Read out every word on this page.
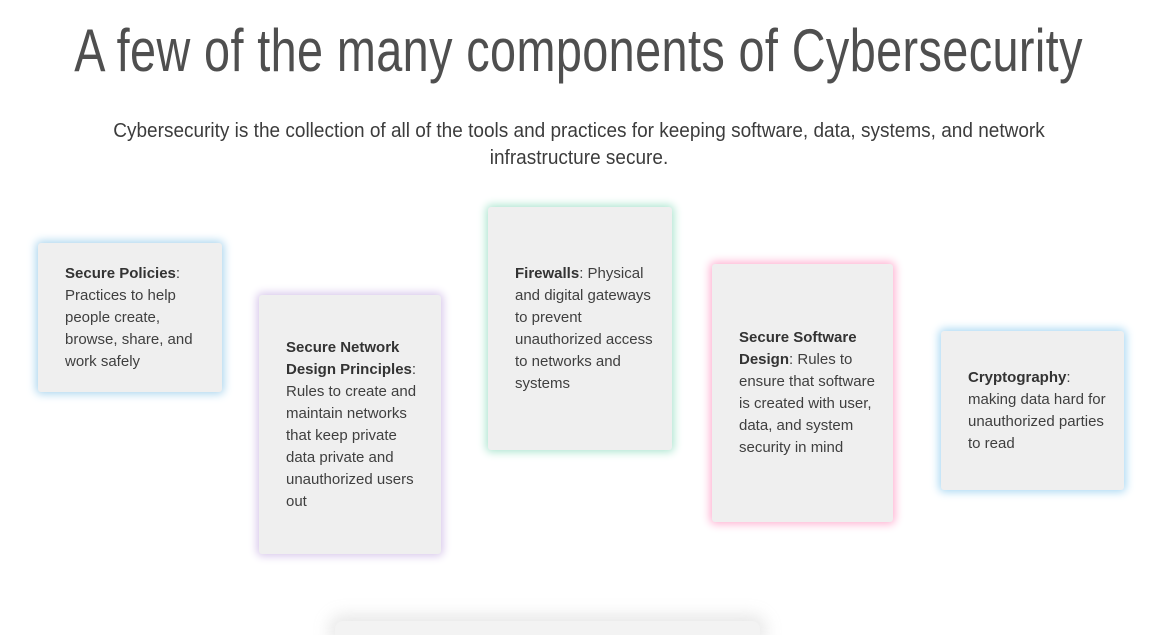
A few of the many components of Cybersecurity
Cybersecurity is the collection of all of the tools and practices for keeping software, data, systems, and network infrastructure secure.

Secure Policies: Practices to help people create, browse, share, and work safely

Secure Network Design Principles: Rules to create and maintain networks that keep private data private and unauthorized users out

Firewalls: Physical and digital gateways to prevent unauthorized access to networks and systems

Secure Software Design: Rules to ensure that software is created with user, data, and system security in mind

Cryptography: making data hard for unauthorized parties to read
